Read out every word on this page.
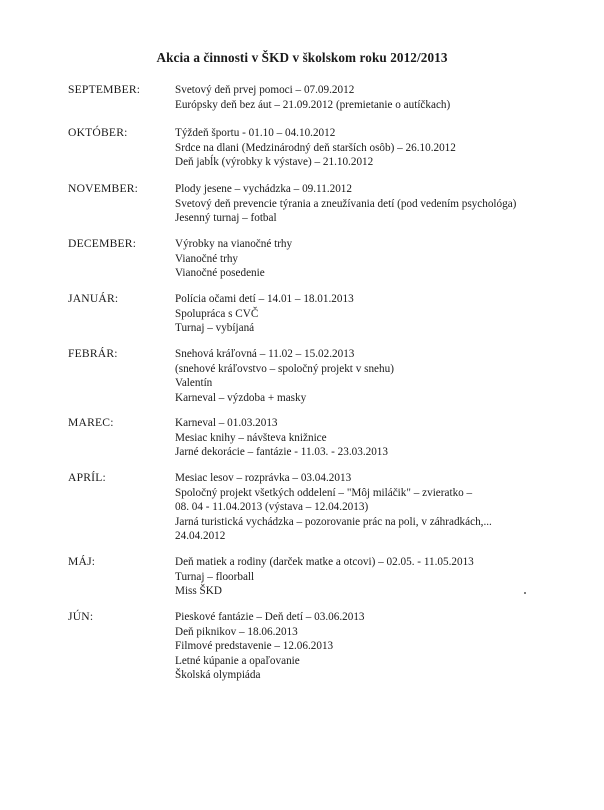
Akcia a činnosti v ŠKD v školskom roku 2012/2013
SEPTEMBER:	Svetový deň prvej pomoci – 07.09.2012
Európsky deň bez áut – 21.09.2012 (premietanie o autíčkach)
OKTÓBER:	Týždeň športu - 01.10 – 04.10.2012
Srdce na dlani (Medzinárodný deň starších osôb) – 26.10.2012
Deň jabĺk (výrobky k výstave) – 21.10.2012
NOVEMBER:	Plody jesene – vychádzka – 09.11.2012
Svetový deň prevencie týrania a zneužívania detí (pod vedením psychológa)
Jesenný turnaj – fotbal
DECEMBER:	Výrobky na vianočné trhy
Vianočné trhy
Vianočné posedenie
JANUÁR:	Polícia očami detí – 14.01 – 18.01.2013
Spolupráca s CVČ
Turnaj – vybíjaná
FEBRÁR:	Snehová kráľovná – 11.02 – 15.02.2013
(snehové kráľovstvo – spoločný projekt v snehu)
Valentín
Karneval – výzdoba + masky
MAREC:	Karneval – 01.03.2013
Mesiac knihy – návšteva knižnice
Jarné dekorácie – fantázie - 11.03. - 23.03.2013
APRÍL:	Mesiac lesov – rozprávka – 03.04.2013
Spoločný projekt všetkých oddelení – "Môj miláčik" – zvieratko –
08. 04 - 11.04.2013 (výstava – 12.04.2013)
Jarná turistická vychádzka – pozorovanie prác na poli, v záhradkách,...
24.04.2012
MÁJ:	Deň matiek a rodiny (darček matke a otcovi) – 02.05. - 11.05.2013
Turnaj – floorball
Miss ŠKD
JÚN:	Pieskové fantázie – Deň detí – 03.06.2013
Deň piknikov – 18.06.2013
Filmové predstavenie – 12.06.2013
Letné kúpanie a opaľovanie
Školská olympiáda
